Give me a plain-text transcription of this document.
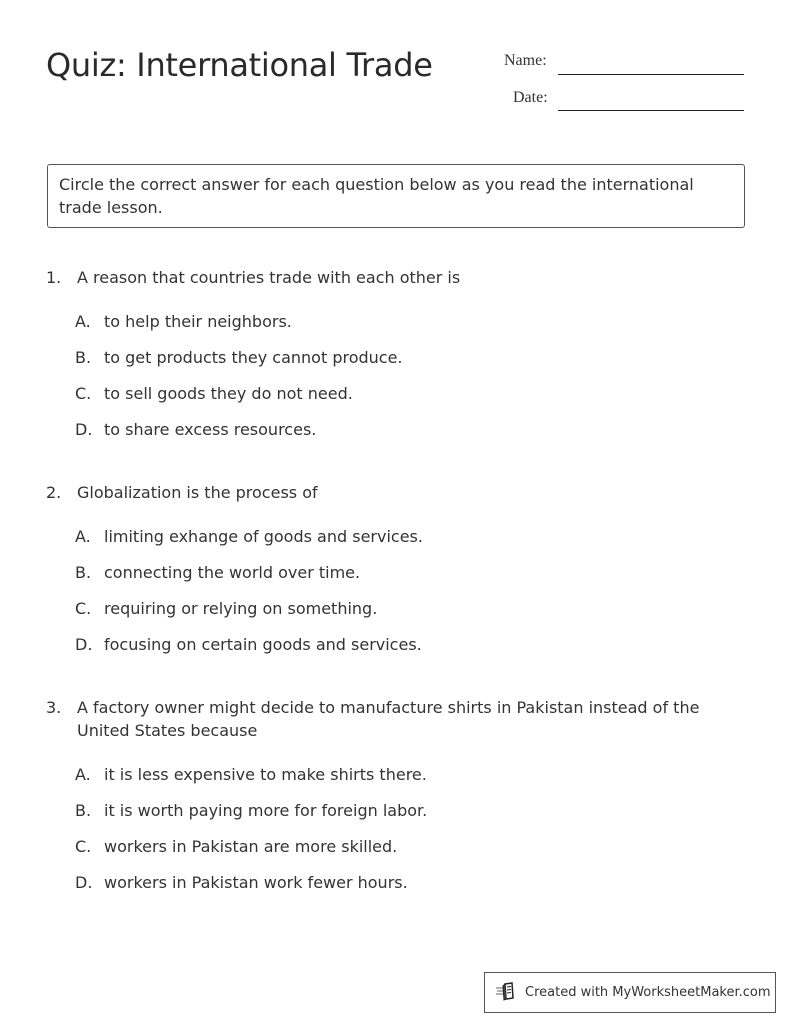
Quiz: International Trade	Name:
Date:
Circle the correct answer for each question below as you read the international trade lesson.
1. A reason that countries trade with each other is
A. to help their neighbors.
B. to get products they cannot produce.
C. to sell goods they do not need.
D. to share excess resources.
2. Globalization is the process of
A. limiting exhange of goods and services.
B. connecting the world over time.
C. requiring or relying on something.
D. focusing on certain goods and services.
3. A factory owner might decide to manufacture shirts in Pakistan instead of the United States because
A. it is less expensive to make shirts there.
B. it is worth paying more for foreign labor.
C. workers in Pakistan are more skilled.
D. workers in Pakistan work fewer hours.
Created with MyWorksheetMaker.com
